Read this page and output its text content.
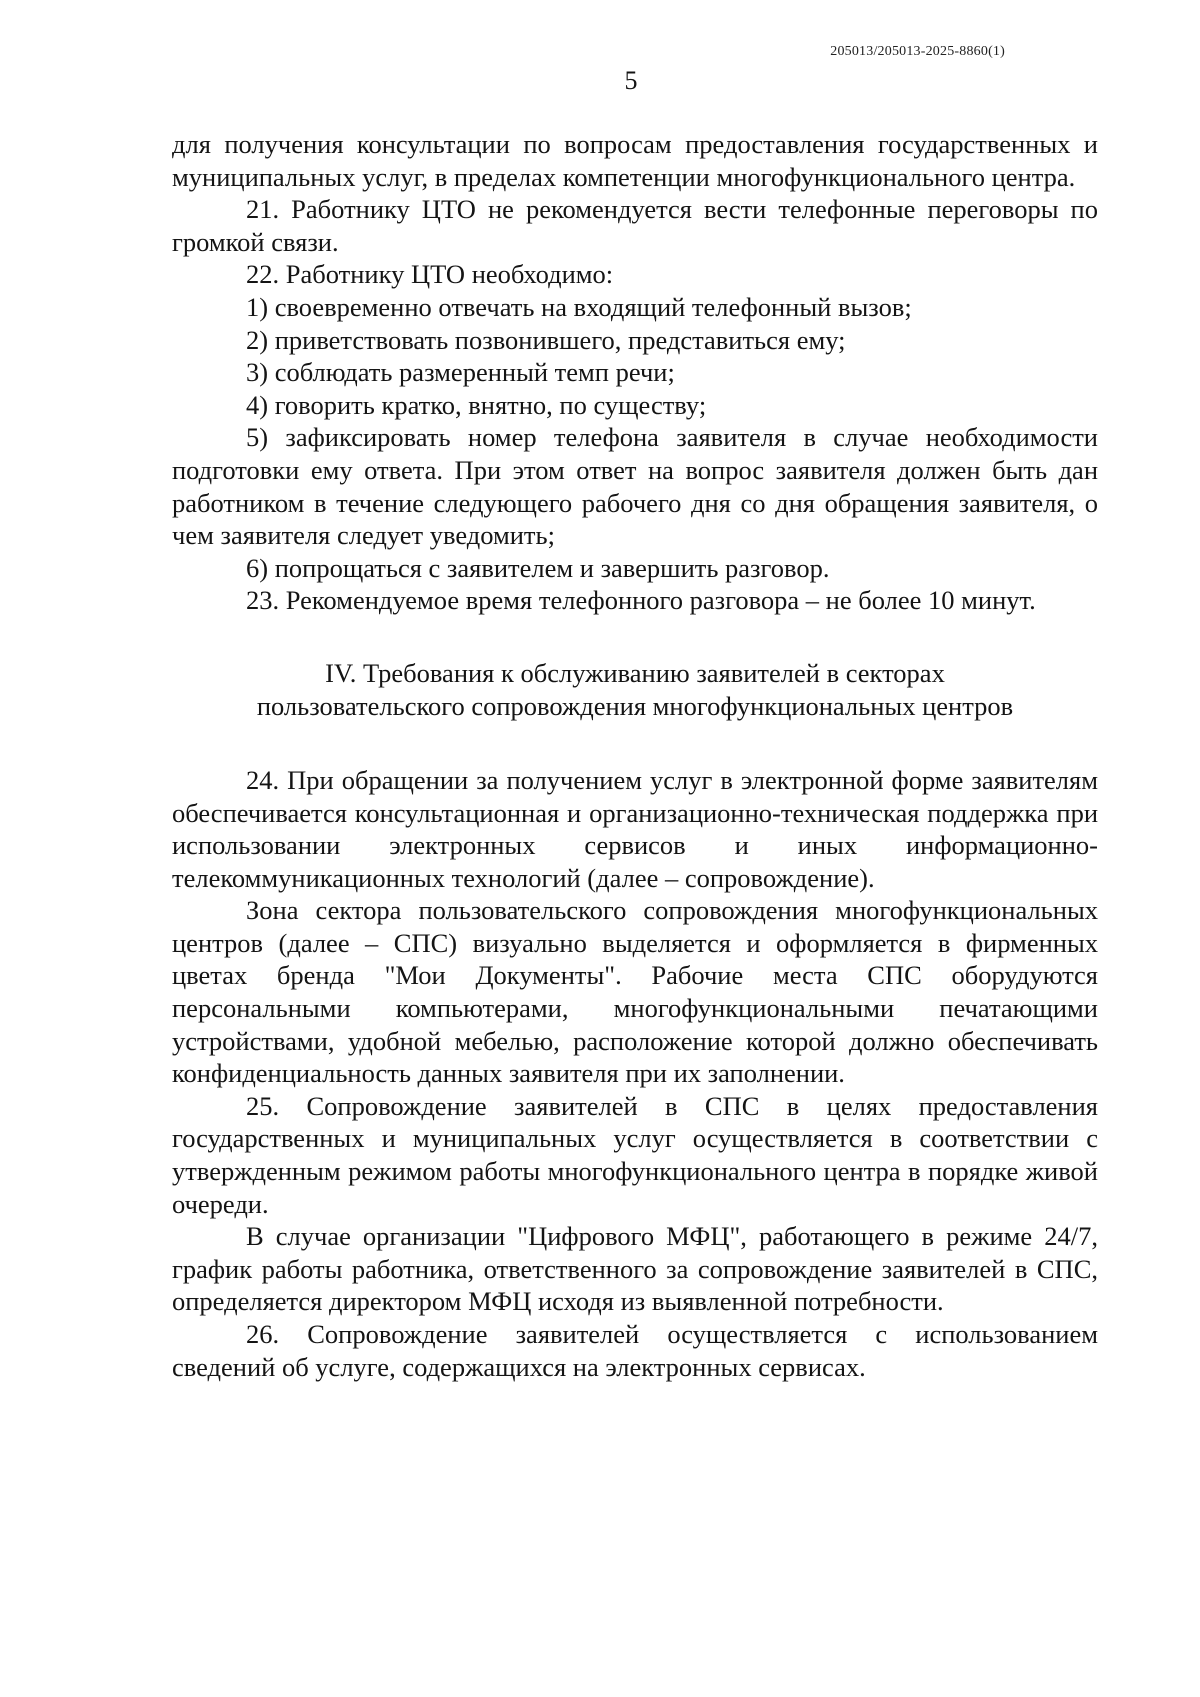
205013/205013-2025-8860(1)
5

для получения консультации по вопросам предоставления государственных и муниципальных услуг, в пределах компетенции многофункционального центра.

21. Работнику ЦТО не рекомендуется вести телефонные переговоры по громкой связи.

22. Работнику ЦТО необходимо:

1) своевременно отвечать на входящий телефонный вызов;

2) приветствовать позвонившего, представиться ему;

3) соблюдать размеренный темп речи;

4) говорить кратко, внятно, по существу;

5) зафиксировать номер телефона заявителя в случае необходимости подготовки ему ответа. При этом ответ на вопрос заявителя должен быть дан работником в течение следующего рабочего дня со дня обращения заявителя, о чем заявителя следует уведомить;

6) попрощаться с заявителем и завершить разговор.

23. Рекомендуемое время телефонного разговора – не более 10 минут.

IV. Требования к обслуживанию заявителей в секторах
пользовательского сопровождения многофункциональных центров

24. При обращении за получением услуг в электронной форме заявителям обеспечивается консультационная и организационно-техническая поддержка при использовании электронных сервисов и иных информационно-телекоммуникационных технологий (далее – сопровождение).

Зона сектора пользовательского сопровождения многофункциональных центров (далее – СПС) визуально выделяется и оформляется в фирменных цветах бренда "Мои Документы". Рабочие места СПС оборудуются персональными компьютерами, многофункциональными печатающими устройствами, удобной мебелью, расположение которой должно обеспечивать конфиденциальность данных заявителя при их заполнении.

25. Сопровождение заявителей в СПС в целях предоставления государственных и муниципальных услуг осуществляется в соответствии с утвержденным режимом работы многофункционального центра в порядке живой очереди.

В случае организации "Цифрового МФЦ", работающего в режиме 24/7, график работы работника, ответственного за сопровождение заявителей в СПС, определяется директором МФЦ исходя из выявленной потребности.

26. Сопровождение заявителей осуществляется с использованием сведений об услуге, содержащихся на электронных сервисах.
